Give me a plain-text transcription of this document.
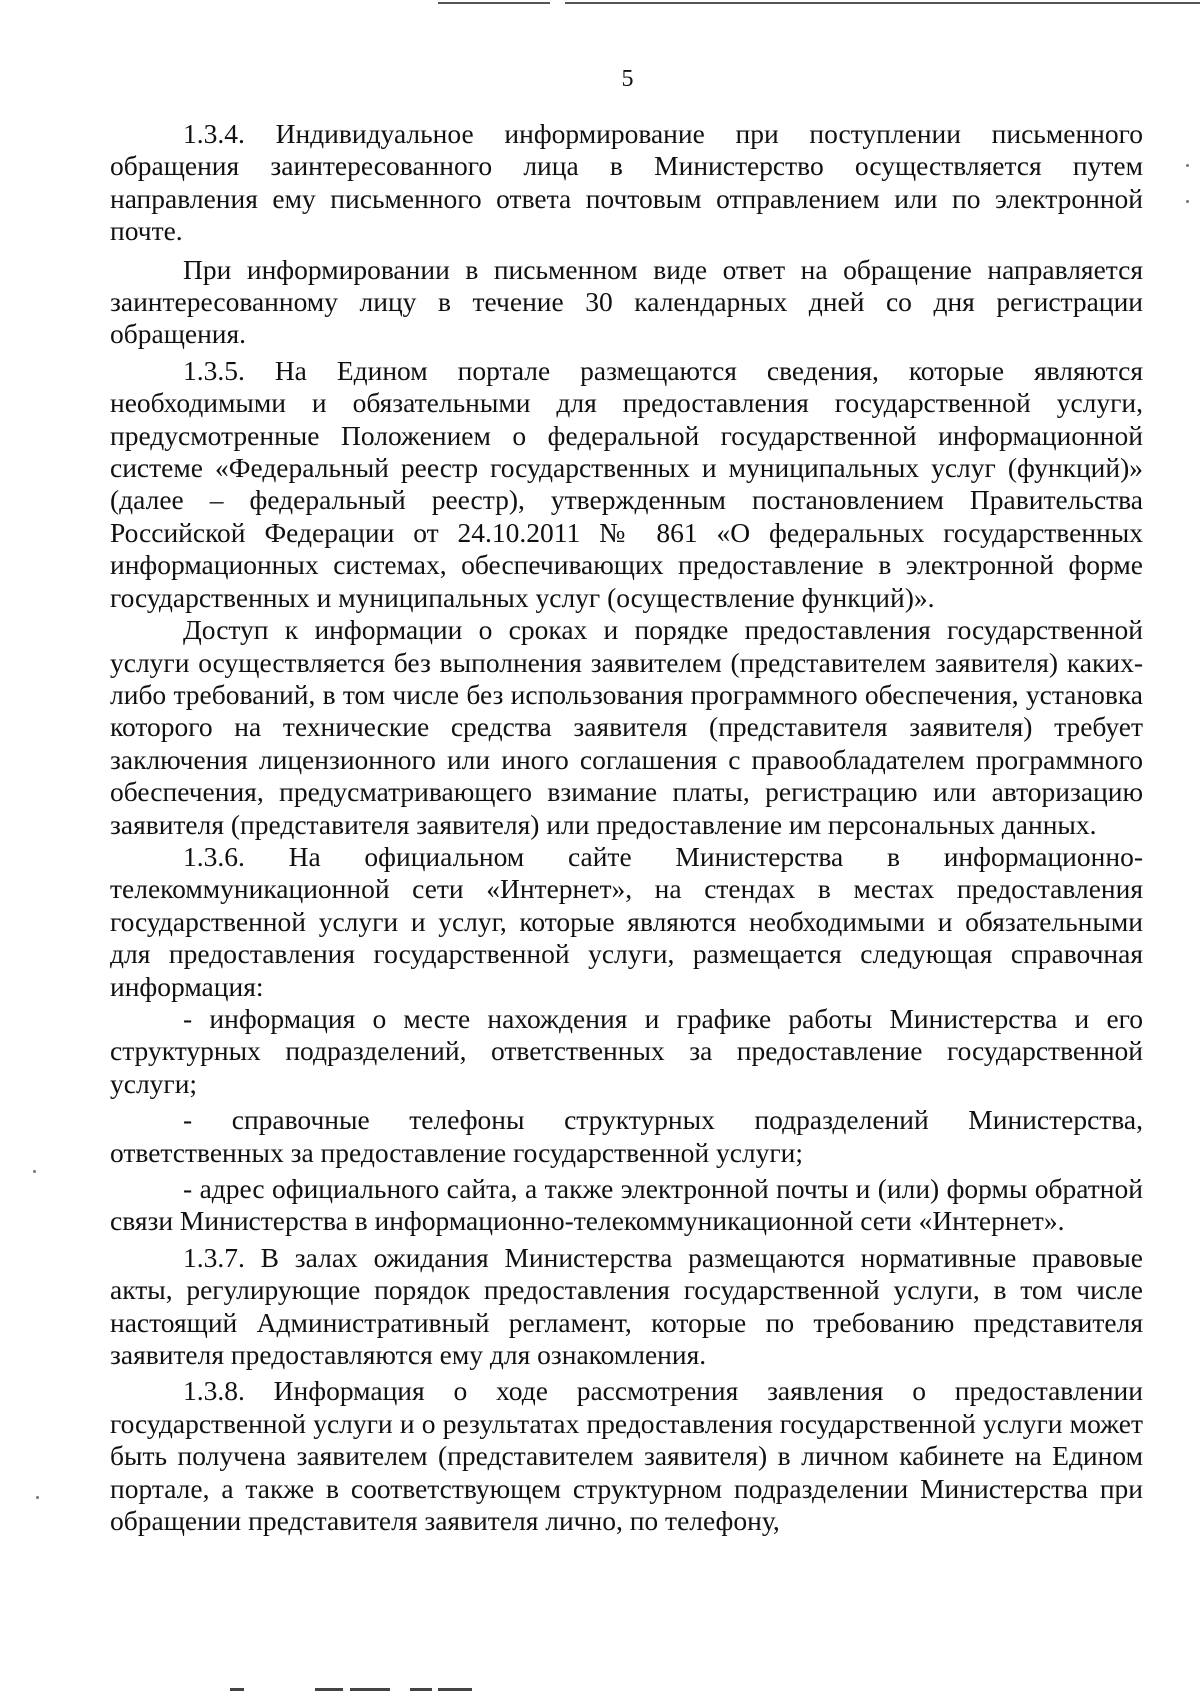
5

1.3.4. Индивидуальное информирование при поступлении письменного обращения заинтересованного лица в Министерство осуществляется путем направления ему письменного ответа почтовым отправлением или по электронной почте.

При информировании в письменном виде ответ на обращение направляется заинтересованному лицу в течение 30 календарных дней со дня регистрации обращения.

1.3.5. На Едином портале размещаются сведения, которые являются необходимыми и обязательными для предоставления государственной услуги, предусмотренные Положением о федеральной государственной информационной системе «Федеральный реестр государственных и муниципальных услуг (функций)» (далее – федеральный реестр), утвержденным постановлением Правительства Российской Федерации от 24.10.2011 № 861 «О федеральных государственных информационных системах, обеспечивающих предоставление в электронной форме государственных и муниципальных услуг (осуществление функций)».

Доступ к информации о сроках и порядке предоставления государственной услуги осуществляется без выполнения заявителем (представителем заявителя) каких-либо требований, в том числе без использования программного обеспечения, установка которого на технические средства заявителя (представителя заявителя) требует заключения лицензионного или иного соглашения с правообладателем программного обеспечения, предусматривающего взимание платы, регистрацию или авторизацию заявителя (представителя заявителя) или предоставление им персональных данных.

1.3.6. На официальном сайте Министерства в информационно-телекоммуникационной сети «Интернет», на стендах в местах предоставления государственной услуги и услуг, которые являются необходимыми и обязательными для предоставления государственной услуги, размещается следующая справочная информация:

- информация о месте нахождения и графике работы Министерства и его структурных подразделений, ответственных за предоставление государственной услуги;

- справочные телефоны структурных подразделений Министерства, ответственных за предоставление государственной услуги;

- адрес официального сайта, а также электронной почты и (или) формы обратной связи Министерства в информационно-телекоммуникационной сети «Интернет».

1.3.7. В залах ожидания Министерства размещаются нормативные правовые акты, регулирующие порядок предоставления государственной услуги, в том числе настоящий Административный регламент, которые по требованию представителя заявителя предоставляются ему для ознакомления.

1.3.8. Информация о ходе рассмотрения заявления о предоставлении государственной услуги и о результатах предоставления государственной услуги может быть получена заявителем (представителем заявителя) в личном кабинете на Едином портале, а также в соответствующем структурном подразделении Министерства при обращении представителя заявителя лично, по телефону,
